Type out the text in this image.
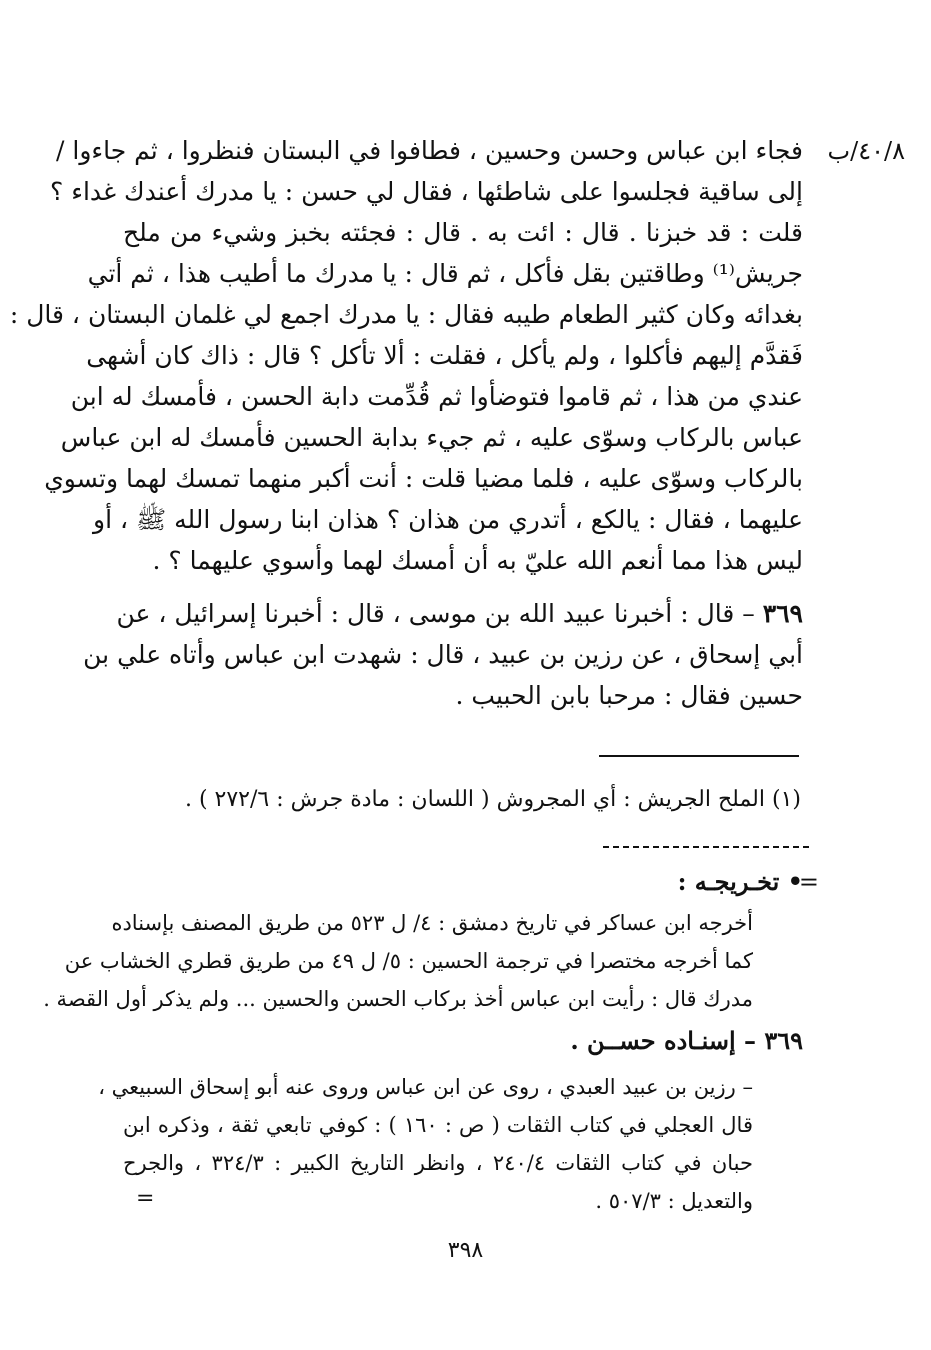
٤٠/٨/ب
فجاء ابن عباس وحسن وحسين ، فطافوا في البستان فنظروا ، ثم جاءوا /
إلى ساقية فجلسوا على شاطئها ، فقال لي حسن : يا مدرك أعندك غداء ؟
قلت : قد خبزنا . قال : ائت به . قال : فجئته بخبز وشيء من ملح
جريش⁽¹⁾ وطاقتين بقل فأكل ، ثم قال : يا مدرك ما أطيب هذا ، ثم أتي
بغدائه وكان كثير الطعام طيبه فقال : يا مدرك اجمع لي غلمان البستان ، قال :
فَقدَّم إليهم فأكلوا ، ولم يأكل ، فقلت : ألا تأكل ؟ قال : ذاك كان أشهى
عندي من هذا ، ثم قاموا فتوضأوا ثم قُدِّمت دابة الحسن ، فأمسك له ابن
عباس بالركاب وسوّى عليه ، ثم جيء بدابة الحسين فأمسك له ابن عباس
بالركاب وسوّى عليه ، فلما مضيا قلت : أنت أكبر منهما تمسك لهما وتسوي
عليهما ، فقال : يالكع ، أتدري من هذان ؟ هذان ابنا رسول الله ﷺ ، أو
ليس هذا مما أنعم الله عليّ به أن أمسك لهما وأسوي عليهما ؟ .
٣٦٩ – قال : أخبرنا عبيد الله بن موسى ، قال : أخبرنا إسرائيل ، عن
أبي إسحاق ، عن رزين بن عبيد ، قال : شهدت ابن عباس وأتاه علي بن
حسين فقال : مرحبا بابن الحبيب .
(١) الملح الجريش : أي المجروش ( اللسان : مادة جرش : ٢٧٢/٦ ) .
=
• تخـريجـه :
أخرجه ابن عساكر في تاريخ دمشق : ٤/ ل ٥٢٣ من طريق المصنف بإسناده
كما أخرجه مختصرا في ترجمة الحسين : ٥/ ل ٤٩ من طريق قطري الخشاب عن
مدرك قال : رأيت ابن عباس أخذ بركاب الحسن والحسين ... ولم يذكر أول القصة .
٣٦٩ – إسنـاده حســن .
– رزين بن عبيد العبدي ، روى عن ابن عباس وروى عنه أبو إسحاق السبيعي ،
قال العجلي في كتاب الثقات ( ص : ١٦٠ ) : كوفي تابعي ثقة ، وذكره ابن
حبان في كتاب الثقات ٢٤٠/٤ ، وانظر التاريخ الكبير : ٣٢٤/٣ ، والجرح
والتعديل : ٥٠٧/٣ .
=
٣٩٨
